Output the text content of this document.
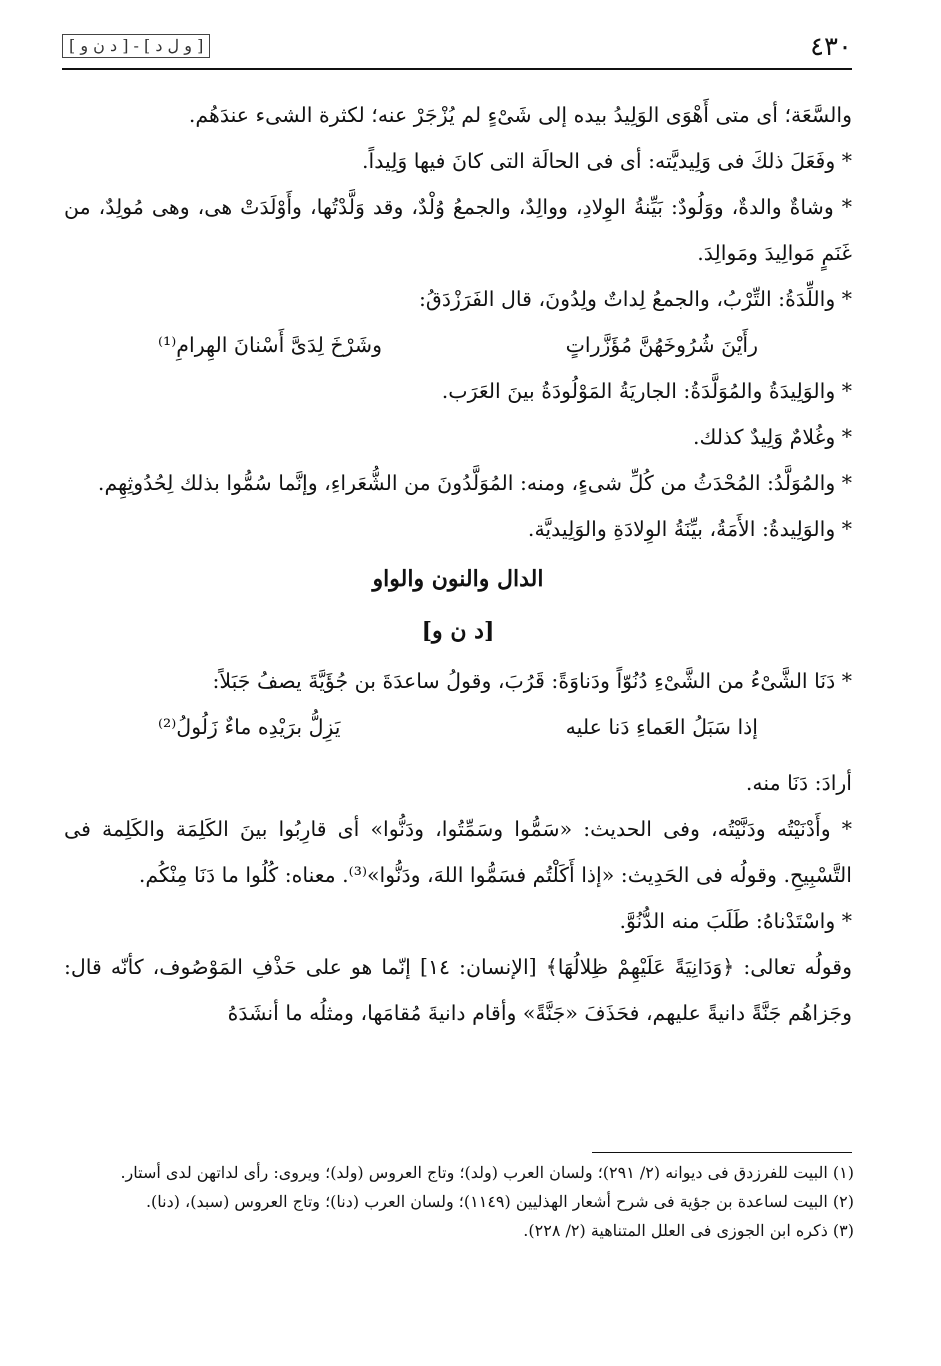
٤٣٠
[ و ل د ] - [ د ن و ]

والسَّعَة؛ أى متى أَهْوَى الوَلِيدُ بيده إلى شَىْءٍ لم يُزْجَرْ عنه؛ لكثرة الشىء عندَهُم.

* وفَعَلَ ذلكَ فى وَلِيديَّته: أى فى الحالَة التى كانَ فيها وَلِيداً.

* وشاةٌ والدةٌ، ووَلُودٌ: بَيِّنةُ الوِلادِ، ووالِدٌ، والجمعُ وُلْدٌ، وقد وَلَّدْتُها، وأَوْلَدَتْ هى، وهى مُولِدٌ، من غَنَمٍ مَوالِيدَ ومَوالِدَ.

* واللِّدَةُ: التِّرْبُ، والجمعُ لِداتٌ ولِدُونَ، قال الفَرَزْدَقُ:

رأَيْنَ شُرُوخَهُنَّ مُؤَزَّراتٍ
وشَرْخَ لِدَىَّ أَسْنانَ الهِرامِ⁽¹⁾

* والوَلِيدَةُ والمُوَلَّدَةُ: الجاريَةُ المَوْلُودَةُ بينَ العَرَب.

* وغُلامٌ وَلِيدٌ كذلك.

* والمُوَلَّدُ: المُحْدَثُ من كُلِّ شىءٍ، ومنه: المُوَلَّدُونَ من الشُّعَراءِ، وإنَّما سُمُّوا بذلك لِحُدُوثِهِم.

* والوَلِيدةُ: الأَمَةُ، بيِّنَةُ الوِلادَةِ والوَلِيديَّة.

الدال والنون والواو
[د ن و]

* دَنَا الشَّىْءُ من الشَّىْءِ دُنُوّاً ودَناوَةً: قَرُبَ، وقولُ ساعدَةَ بن جُؤَيَّةَ يصفُ جَبَلاً:

إذا سَبَلُ العَماءِ دَنا عليه
يَزِلُّ برَيْدِه ماءٌ زَلُولُ⁽²⁾

أرادَ: دَنَا منه.

* وأَدْنَيْتُه ودَنَّيْتُه، وفى الحديث: «سَمُّوا وسَمِّتُوا، ودَنُّوا» أى قارِبُوا بينَ الكَلِمَة والكَلِمة فى التَّسْبِيحِ. وقولُه فى الحَدِيث: «إذا أَكَلْتُم فسَمُّوا اللهَ، ودَنُّوا»⁽³⁾. معناه: كُلُوا ما دَنَا مِنْكُم.

* واسْتَدْناهُ: طَلَبَ منه الدُّنُوَّ.

وقولُه تعالى: ﴿وَدَانِيَةً عَلَيْهِمْ ظِلالُهَا﴾ [الإنسان: ١٤] إنّما هو على حَذْفِ المَوْصُوف، كأنّه قال: وجَزاهُم جَنَّةً دانيةً عليهم، فحَذَفَ «جَنَّةً» وأقام دانيةَ مُقامَها، ومثلُه ما أنشَدَهُ

(١) البيت للفرزدق فى ديوانه (٢/ ٢٩١)؛ ولسان العرب (ولد)؛ وتاج العروس (ولد)؛ ويروى: رأى لداتهن لدى أستار.

(٢) البيت لساعدة بن جؤية فى شرح أشعار الهذليين (١١٤٩)؛ ولسان العرب (دنا)؛ وتاج العروس (سبد)، (دنا).

(٣) ذكره ابن الجوزى فى العلل المتناهية (٢/ ٢٢٨).
